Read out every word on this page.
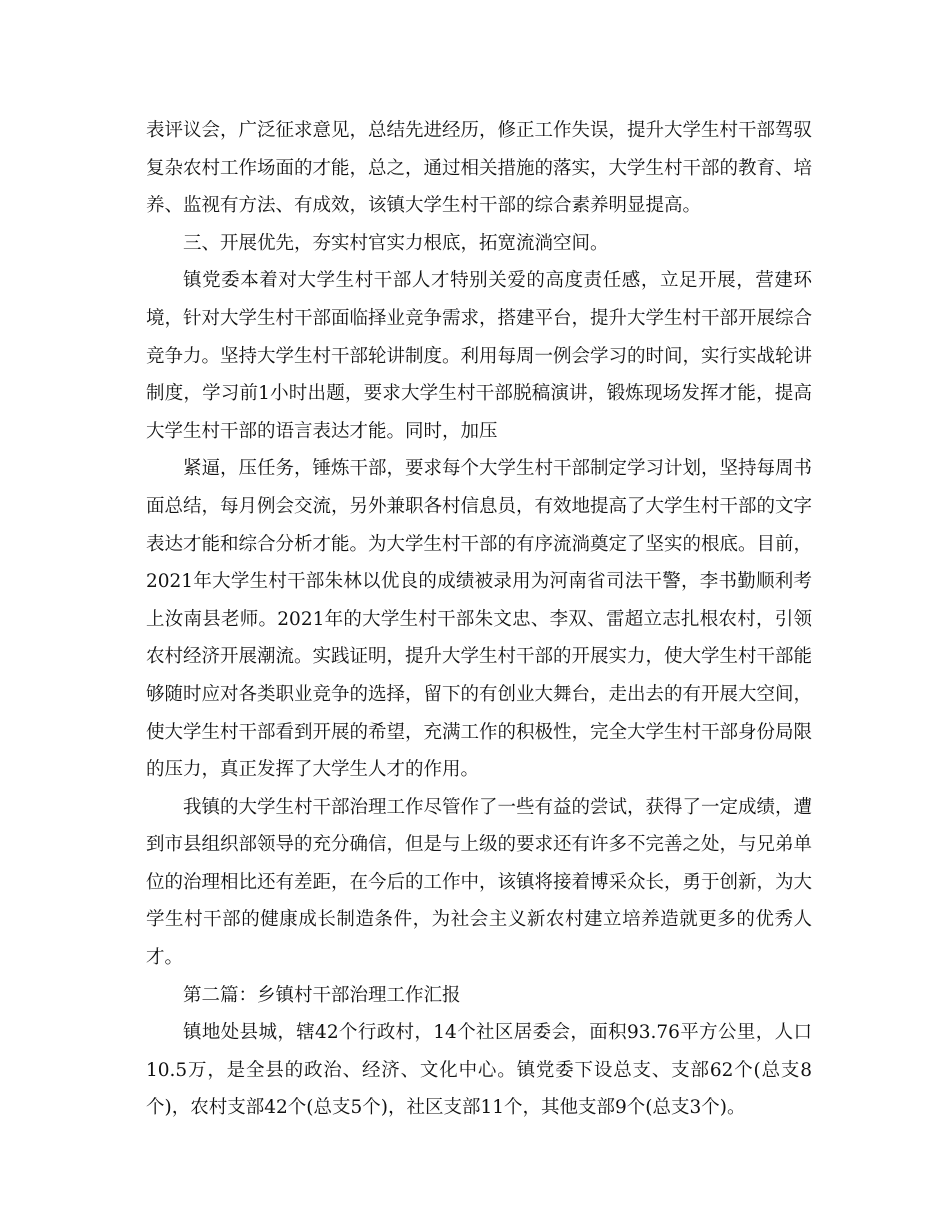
表评议会，广泛征求意见，总结先进经历，修正工作失误，提升大学生村干部驾驭复杂农村工作场面的才能，总之，通过相关措施的落实，大学生村干部的教育、培养、监视有方法、有成效，该镇大学生村干部的综合素养明显提高。

三、开展优先，夯实村官实力根底，拓宽流淌空间。

镇党委本着对大学生村干部人才特别关爱的高度责任感，立足开展，营建环境，针对大学生村干部面临择业竞争需求，搭建平台，提升大学生村干部开展综合竞争力。坚持大学生村干部轮讲制度。利用每周一例会学习的时间，实行实战轮讲制度，学习前1小时出题，要求大学生村干部脱稿演讲，锻炼现场发挥才能，提高大学生村干部的语言表达才能。同时，加压

紧逼，压任务，锤炼干部，要求每个大学生村干部制定学习计划，坚持每周书面总结，每月例会交流，另外兼职各村信息员，有效地提高了大学生村干部的文字表达才能和综合分析才能。为大学生村干部的有序流淌奠定了坚实的根底。目前，2021年大学生村干部朱林以优良的成绩被录用为河南省司法干警，李书勤顺利考上汝南县老师。2021年的大学生村干部朱文忠、李双、雷超立志扎根农村，引领农村经济开展潮流。实践证明，提升大学生村干部的开展实力，使大学生村干部能够随时应对各类职业竞争的选择，留下的有创业大舞台，走出去的有开展大空间，使大学生村干部看到开展的希望，充满工作的积极性，完全大学生村干部身份局限的压力，真正发挥了大学生人才的作用。

我镇的大学生村干部治理工作尽管作了一些有益的尝试，获得了一定成绩，遭到市县组织部领导的充分确信，但是与上级的要求还有许多不完善之处，与兄弟单位的治理相比还有差距，在今后的工作中，该镇将接着博采众长，勇于创新，为大学生村干部的健康成长制造条件，为社会主义新农村建立培养造就更多的优秀人才。

第二篇：乡镇村干部治理工作汇报

镇地处县城，辖42个行政村，14个社区居委会，面积93.76平方公里，人口10.5万，是全县的政治、经济、文化中心。镇党委下设总支、支部62个(总支8个)，农村支部42个(总支5个)，社区支部11个，其他支部9个(总支3个)。
